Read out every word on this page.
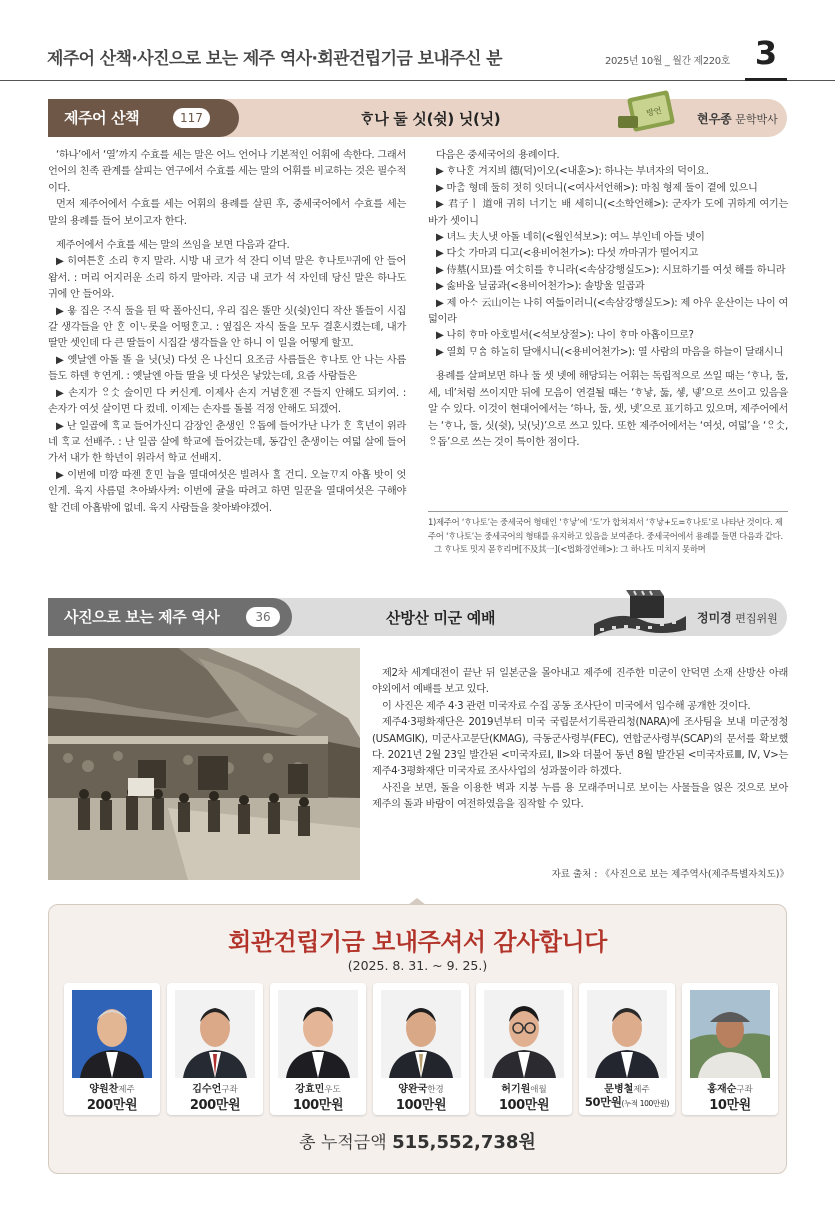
제주어 산책·사진으로 보는 제주 역사·회관건립기금 보내주신 분	2025년 10월 _ 월간 제220호 3
제주어 산책	117	ᄒᆞ나 둘 싯(쉿) 닛(닛)	방언
현우종 문학박사

‘하나’에서 ‘열’까지 수효를 세는 말은 어느 언어나 기본적인 어휘에 속한다. 그래서 언어의 친족 관계를 살피는 연구에서 수효를 세는 말의 어휘를 비교하는 것은 필수적이다.

먼저 제주어에서 수효를 세는 어휘의 용례를 살핀 후, 중세국어에서 수효를 세는 말의 용례를 들어 보이고자 한다.

제주어에서 수효를 세는 말의 쓰임을 보면 다음과 같다.

▶ 히여튼ᄒᆞᆫ 소리 ᄒᆞ지 말라. 시방 내 코가 석 잔디 이녁 말은 ᄒᆞ나토¹⁾귀에 안 들어왐서. : 머리 어지러운 소리 하지 말아라. 지금 내 코가 석 자인데 당신 말은 하나도 귀에 안 들어와.

▶ 욯 집은 ᄌᆞ식 둘을 뒨 딱 폴아신디, 우리 집은 똘만 싯(쉿)인디 작산 똘들이 시집갈 생각들을 안 ᄒᆞᆫ 이ᄂᆞ롯을 어떵ᄒᆞᆫ고. : 옆집은 자식 둘을 모두 결혼시켰는데, 내가 딸만 셋인데 다 큰 딸들이 시집갈 생각들을 안 하니 이 일을 어떻게 할꼬.

▶ 옛날엔 아돌 똘 을 닛(닛) 다섯 은 나신디 요조금 사름들은 ᄒᆞ나토 안 나는 사름들도 하덴 ᄒᆞ연게. : 옛날엔 아들 딸을 넷 다섯은 낳았는데, 요즘 사람들은

▶ 손지가 ᄋᆢᄉᆞᆺ 술이민 다 커신게. 이제사 손지 거념ᄒᆞᆫ젠 ᄌᆞ들지 안해도 되키여. : 손자가 여섯 살이면 다 컸네. 이제는 손자를 돌볼 걱정 안해도 되겠어.

▶ 난 일곱에 ᄒᆞᆨ교 들어가신디 감장인 춘생인 ᄋᆢ돕에 들어가난 나가 ᄒᆞᆫ ᄒᆞᆨ년이 위라네 ᄒᆞᆨ교 선배주. : 난 일곱 살에 학교에 들어갔는데, 동갑인 춘생이는 여덟 살에 들어가서 내가 한 학년이 위라서 학교 선배지.

▶ 이번에 미깡 따젠 ᄒᆞᆫ민 늡을 열대여섯은 빌려사 ᄒᆞᆯ 건디. 오늘ᄁᆞ지 아홉 밧이 엇인게. 육지 사름덜 ᄎᆞ아봐사켜: 이번에 귤을 따려고 하면 일꾼을 열대여섯은 구해야 할 건데 아홉밖에 없네. 육지 사람들을 찾아봐야겠어.

다음은 중세국어의 용례이다.

▶ ᄒᆞ나ᄒᆞᆫ 겨지븨 德(덕)이오(<내훈>): 하나는 부녀자의 덕이요.

▶ 마ᄎᆞᆷ 형뎨 둘히 젓히 잇더니(<여사서언해>): 마침 형제 둘이 곁에 있으니

▶ 君子ㅣ 道애 귀히 너기ᄂᆞᆫ 배 세히니(<소학언해>): 군자가 도에 귀하게 여기는 바가 셋이니

▶ 녀느 夫人냇 아돌 네히(<월인석보>): 여느 부인네 아들 넷이

▶ 다ᄉᆞᆺ 가마괴 디고(<용비어천가>): 다섯 까마귀가 떨어지고

▶ 侍墓(시묘)를 여ᄉᆞᆺ히를 ᄒᆞ니라(<속삼강행실도>): 시묘하기를 여섯 해를 하니라

▶ 솛바올 닐굽과(<용비어천가>): 솔방울 일곱과

▶ 제 아ᄉᆞ 云山이는 나히 여듧이러니(<속삼강행실도>): 제 아우 운산이는 나이 여덟이라

▶ 나히 ᄒᆞ마 아호빌서(<석보상절>): 나이 ᄒᆞ마 아홉이므로?

▶ 열희 ᄆᆞᅀᆞᆷ 하ᄂᆞᆯ히 달애시니(<용비어천가>): 열 사람의 마음을 하늘이 달래시니

용례를 살펴보면 하나 둘 셋 넷에 해당되는 어휘는 독립적으로 쓰일 때는 ‘ᄒᆞ나, 둘, 세, 네’처럼 쓰이지만 뒤에 모음이 연결될 때는 ‘ᄒᆞ낳, 둟, 셓, 넿’으로 쓰이고 있음을 알 수 있다. 이것이 현대어에서는 ‘하나, 둘, 셋, 넷’으로 표기하고 있으며, 제주어에서는 ‘ᄒᆞ나, 둘, 싯(쉿), 닛(닛)’으로 쓰고 있다. 또한 제주어에서는 ‘여섯, 여덟’을 ‘ᄋᆢᄉᆞᆺ, ᄋᆢ돕’으로 쓰는 것이 특이한 점이다.

1)제주어 ‘ᄒᆞ나토’는 중세국어 형태인 ‘ᄒᆞ낳’에 ‘도’가 합쳐져서 ‘ᄒᆞ낳+도=ᄒᆞ나토’로 나타난 것이다. 제주어 ‘ᄒᆞ나토’는 중세국어의 형태를 유지하고 있음을 보여준다. 중세국어에서 용례를 들면 다음과 같다.
그 ᄒᆞ나토 밋지 몯ᄒᆞ리며[不及其一](<법화경언해>): 그 하나도 미치지 못하며
사진으로 보는 제주 역사	36	산방산 미군 예배	정미경 편집위원

제2차 세계대전이 끝난 뒤 일본군을 몰아내고 제주에 진주한 미군이 안덕면 소재 산방산 아래 야외에서 예배를 보고 있다.

이 사진은 제주 4·3 관련 미국자료 수집 공동 조사단이 미국에서 입수해 공개한 것이다.

제주4·3평화재단은 2019년부터 미국 국립문서기록관리청(NARA)에 조사팀을 보내 미군정청(USAMGIK), 미군사고문단(KMAG), 극동군사령부(FEC), 연합군사령부(SCAP)의 문서를 확보했다. 2021년 2월 23일 발간된 <미국자료Ⅰ, Ⅱ>와 더불어 동년 8월 발간된 <미국자료Ⅲ, Ⅳ, Ⅴ>는 제주4·3평화재단 미국자료 조사사업의 성과물이라 하겠다.

사진을 보면, 돌을 이용한 벽과 지붕 누름 용 모래주머니로 보이는 사물들을 얹은 것으로 보아 제주의 돌과 바람이 여전하였음을 짐작할 수 있다.

자료 출처 : 《사진으로 보는 제주역사(제주특별자치도)》
회관건립기금 보내주셔서 감사합니다
(2025. 8. 31. ~ 9. 25.)
양원찬제주
200만원
김수언구좌
200만원
강효민우도
100만원
양완국한경
100만원
허기원애월
100만원
문병철제주
50만원(누적 100만원)
홍재순구좌
10만원
총 누적금액 515,552,738원
